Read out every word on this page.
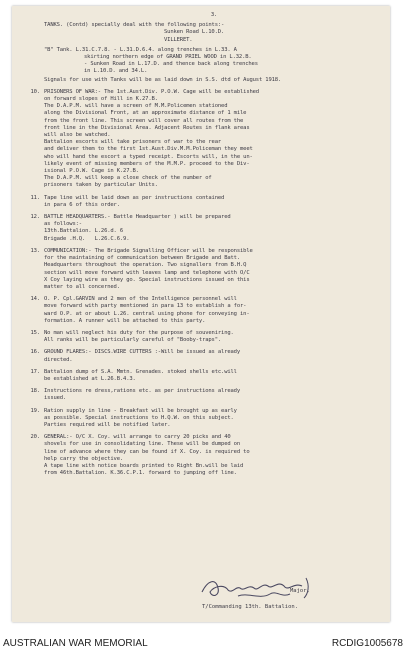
3.
TANKS. (Contd) specially deal with the following points:-
Sunken Road L.10.D.
VILLERET.
"B" Tank. L.31.C.7.8. - L.31.D.6.4. along trenches in L.33. A
skirting northern edge of GRAND PRIEL WOOD in L.32.B.
- Sunken Road in L.17.D. and thence back along trenches
in L.10.D. and 34.L.
Signals for use with Tanks will be as laid down in S.S. dtd of August 1918.
10. PRISONERS OF WAR:- The 1st.Aust.Div. P.O.W. Cage will be established
on forward slopes of Hill in K.27.B.
The D.A.P.M. will have a screen of M.M.Policemen stationed
along the Divisional Front, at an approximate distance of 1 mile
from the front line. This screen will cover all routes from the
front line in the Divisional Area. Adjacent Routes in flank areas
will also be watched.
Battalion escorts will take prisoners of war to the rear
and deliver them to the first 1st.Aust.Div.M.M.Policeman they meet
who will hand the escort a typed receipt. Escorts will, in the un-
likely event of missing members of the M.M.P. proceed to the Div-
isional P.O.W. Cage in K.27.B.
The D.A.P.M. will keep a close check of the number of
prisoners taken by particular Units.
11. Tape line will be laid down as per instructions contained
in para 6 of this order.
12. BATTLE HEADQUARTERS.- Battle Headquarter ) will be prepared
as follows:-
13th.Battalion. L.26.d. 6
Brigade .H.Q.   L.26.C.6.9.
13. COMMUNICATION:- The Brigade Signalling Officer will be responsible
for the maintaining of communication between Brigade and Batt.
Headquarters throughout the operation. Two signallers from B.H.Q
section will move forward with leaves lamp and telephone with O/C
X Coy laying wire as they go. Special instructions issued on this
matter to all concerned.
14. O. P. Cpl.GARVIN and 2 men of the Intelligence personnel will
move forward with party mentioned in para 13 to establish a for-
ward O.P. at or about L.26. central using phone for conveying in-
formation. A runner will be attached to this party.
15. No man will neglect his duty for the purpose of souveniring.
All ranks will be particularly careful of "Booby-traps".
16. GROUND FLARES:- DISCS.WIRE CUTTERS :-Will be issued as already
directed.
17. Battalion dump of S.A. Mmtn. Grenades. stoked shells etc.will
be established at L.26.B.4.3.
18. Instructions re dress,rations etc. as per instructions already
issued.
19. Ration supply in line - Breakfast will be brought up as early
as possible. Special instructions to H.Q.W. on this subject.
Parties required will be notified later.
20. GENERAL:- O/C X. Coy. will arrange to carry 20 picks and 40
shovels for use in consolidating line. These will be dumped on
line of advance where they can be found if X. Coy. is required to
help carry the objective.
A tape line with notice boards printed to Right Bn.will be laid
from 46th.Battalion. K.36.C.P.1. forward to jumping off line.
Major,
T/Commanding 13th. Battalion.
AUSTRALIAN WAR MEMORIAL	RCDIG1005678
